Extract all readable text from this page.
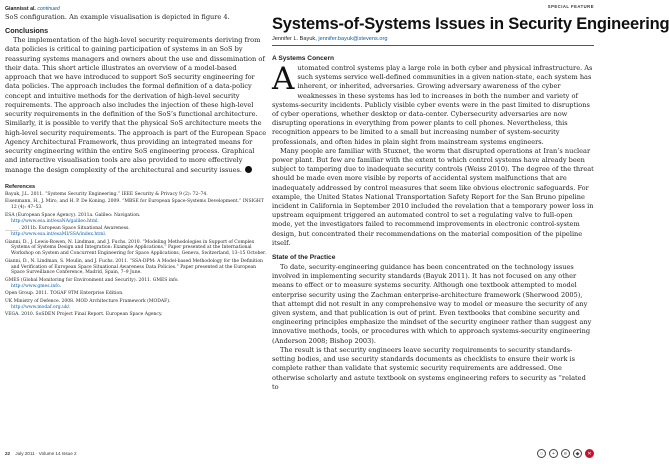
Giannisst al. continued

SoS configuration. An example visualisation is depicted in figure 4.

Conclusions

The implementation of the high-level security requirements deriving from data policies is critical to gaining participation of systems in an SoS by reassuring systems managers and owners about the use and dissemination of their data. This short article illustrates an overview of a model-based approach that we have introduced to support SoS security engineering for data policies. The approach includes the formal definition of a data-policy concept and intuitive methods for the derivation of high-level security requirements. The approach also includes the injection of these high-level security requirements in the definition of the SoS’s functional architecture. Similarly, it is possible to verify that the physical SoS architecture meets the high-level security requirements. The approach is part of the European Space Agency Architectural Framework, thus providing an integrated means for security engineering within the entire SoS engineering process. Graphical and interactive visualisation tools are also provided to more effectively manage the design complexity of the architectural and security issues. →

References

Bayuk, J.L. 2011. “Systems Security Engineering.” IEEE Security & Privacy 9 (2): 72–74.

Eisenmann, H., J. Miro, and H. P. De Koning. 2009. “MBSE for European Space-Systems Development.” INSIGHT 12 (4): 47–53.

ESA (European Space Agency). 2011a. Galileo: Navigation.
http://www.esa.int/esaNA/galileo.html.

______. 2011b. European Space Situational Awareness.
http://www.esa.int/esaMI/SSA/index.html.

Gianni, D., J. Lewis-Bowen, N. Lindman, and J. Fuchs. 2010. “Modeling Methodologies in Support of Complex Systems of Systems Design and Integration: Example Applications.” Paper presented at the International Workshop on System and Concurrent Engineering for Space Applications, Geneva, Switzerland, 13–15 October.

Gianni, D., N. Lindman, S. Moulin, and J. Fuchs. 2011. “SSA-DPM: A Model-based Methodology for the Definition and Verification of European Space Situational Awareness Data Policies.” Paper presented at the European Space Surveillance Conference, Madrid, Spain, 7–9 June.

GMES (Global Monitoring for Environment and Security). 2011. GMES info.
http://www.gmes.info.

Open Group. 2011. TOGAF 9TM Enterprise Edition.

UK Ministry of Defence. 2008. MOD Architecture Framework (MODAF).
http://www.modaf.org.uk/.

VEGA. 2010. SoSDEN Project Final Report. European Space Agency.

SPECIAL FEATURE
Systems-of-Systems Issues in Security Engineering
Jennifer L. Bayuk, jennifer.bayuk@stevens.org
A Systems Concern

Automated control systems play a large role in both cyber and physical infrastructure. As such systems service well-defined communities in a given nation-state, each system has inherent, or inherited, adversaries. Growing adversary awareness of the cyber weaknesses in these systems has led to increases in both the number and variety of systems-security incidents. Publicly visible cyber events were in the past limited to disruptions of cyber operations, whether desktop or data-center. Cybersecurity adversaries are now disrupting operations in everything from power plants to cell phones. Nevertheless, this recognition appears to be limited to a small but increasing number of system-security professionals, and often hides in plain sight from mainstream systems engineers.

Many people are familiar with Stuxnet, the worm that disrupted operations at Iran’s nuclear power plant. But few are familiar with the extent to which control systems have already been subject to tampering due to inadequate security controls (Weiss 2010). The degree of the threat should be made even more visible by reports of accidental system malfunctions that are inadequately addressed by control measures that seem like obvious electronic safeguards. For example, the United States National Transportation Safety Report for the San Bruno pipeline incident in California in September 2010 included the revelation that a temporary power loss in upstream equipment triggered an automated control to set a regulating valve to full-open mode, yet the investigators failed to recommend improvements in electronic control-system design, but concentrated their recommendations on the material composition of the pipeline itself.

State of the Practice

To date, security-engineering guidance has been concentrated on the technology issues involved in implementing security standards (Bayuk 2011). It has not focused on any other means to effect or to measure systems security. Although one textbook attempted to model enterprise security using the Zachman enterprise-architecture framework (Sherwood 2005), that attempt did not result in any comprehensive way to model or measure the security of any given system, and that publication is out of print. Even textbooks that combine security and engineering principles emphasize the mindset of the security engineer rather than suggest any innovative methods, tools, or procedures with which to approach systems-security engineering (Anderson 2008; Bishop 2003).

The result is that security engineers leave security requirements to security standards-setting bodies, and use security standards documents as checklists to ensure their work is complete rather than validate that systemic security requirements are addressed. One otherwise scholarly and astute textbook on systems engineering refers to security as “related to

22 July 2011 · Volume 14 Issue 2	○	+	e	◆	✕
